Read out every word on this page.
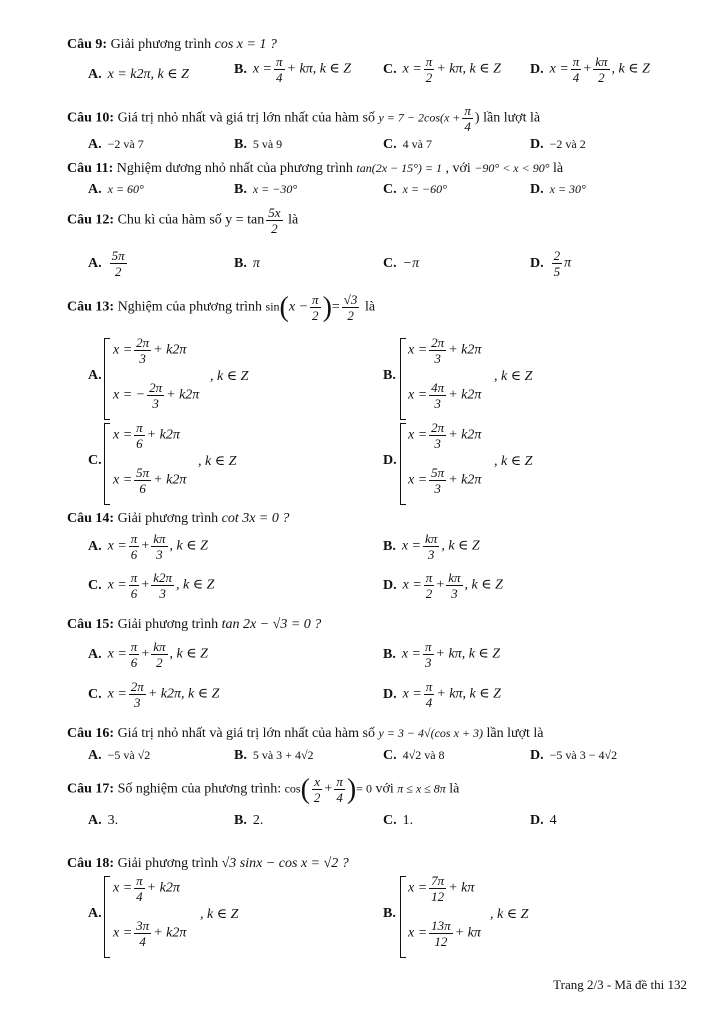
Câu 9: Giải phương trình cos x = 1 ?
A. x = k2π, k ∈ Z	B. $x = \frac{\pi}{4} + k\pi$, k ∈ Z C. $x = \frac{\pi}{2} + k\pi$, k ∈ Z D. $x = \frac{\pi}{4} + \frac{k\pi}{2}$ , k ∈ Z
Câu 10: Giá trị nhỏ nhất và giá trị lớn nhất của hàm số $y = 7 - 2\cos(x + \frac{\pi}{4}$ ) lần lượt là
A. −2 và 7	B. 5 và 9	C. 4 và 7	D. −2 và 2
Câu 11: Nghiệm dương nhỏ nhất của phương trình tan(2x − 15°) = 1 , với −90° < x < 90° là
A. x = 60°	B. x = −30°	C. x = −60°	D. x = 30°
Câu 12: Chu kì của hàm số $y = \tan \frac{5x}{2}$ là
A. $\frac{5\pi}{2}$	B. π	C. −π	D. $\frac{2}{5}$ π
Câu 13: Nghiệm của phương trình $\sin(x - \frac{\pi}{2}$ )= $\frac{√3}{2}$ là
A.
$x = \frac{2\pi}{3} + k2\pi$
x = − $\frac{2\pi}{3} + k2\pi$
, k ∈ Z	B.
$x = \frac{2\pi}{3} + k2\pi$
$x = \frac{4\pi}{3} + k2\pi$
, k ∈ Z
C.
$x = \frac{\pi}{6} + k2\pi$
$x = \frac{5\pi}{6} + k2\pi$
, k ∈ Z	D.
$x = \frac{2\pi}{3} + k2\pi$
$x = \frac{5\pi}{3} + k2\pi$
, k ∈ Z
Câu 14: Giải phương trình cot 3x = 0 ?
A. $x = \frac{\pi}{6} + \frac{k\pi}{3}$ , k ∈ Z	B. $x = \frac{k\pi}{3}$ , k ∈ Z
C. $x = \frac{\pi}{6} + \frac{k2\pi}{3}$ , k ∈ Z	D. $x = \frac{\pi}{2} + \frac{k\pi}{3}$ , k ∈ Z
Câu 15: Giải phương trình tan 2x − √3 = 0 ?
A. $x = \frac{\pi}{6} + \frac{k\pi}{2}$ , k ∈ Z	B. $x = \frac{\pi}{3} + k\pi$, k ∈ Z
C. $x = \frac{2\pi}{3} + k2\pi$, k ∈ Z	D. $x = \frac{\pi}{4} + k\pi$, k ∈ Z
Câu 16: Giá trị nhỏ nhất và giá trị lớn nhất của hàm số y = 3 − 4√(cos x + 3) lần lượt là
A. −5 và √2	B. 5 và 3 + 4√2	C. 4√2 và 8	D. −5 và 3 − 4√2
Câu 17: Số nghiệm của phương trình: $\cos( \frac{x}{2} + \frac{\pi}{4}$ )= 0 với π ≤ x ≤ 8π là
A. 3.	B. 2.	C. 1.	D. 4
Câu 18: Giải phương trình √3 sinx − cos x = √2 ?
A.
$x = \frac{\pi}{4} + k2\pi$
$x = \frac{3\pi}{4} + k2\pi$
, k ∈ Z	B.
$x = \frac{7\pi}{12} + k\pi$
$x = \frac{13\pi}{12} + k\pi$
, k ∈ Z
Trang 2/3 - Mã đề thi 132
